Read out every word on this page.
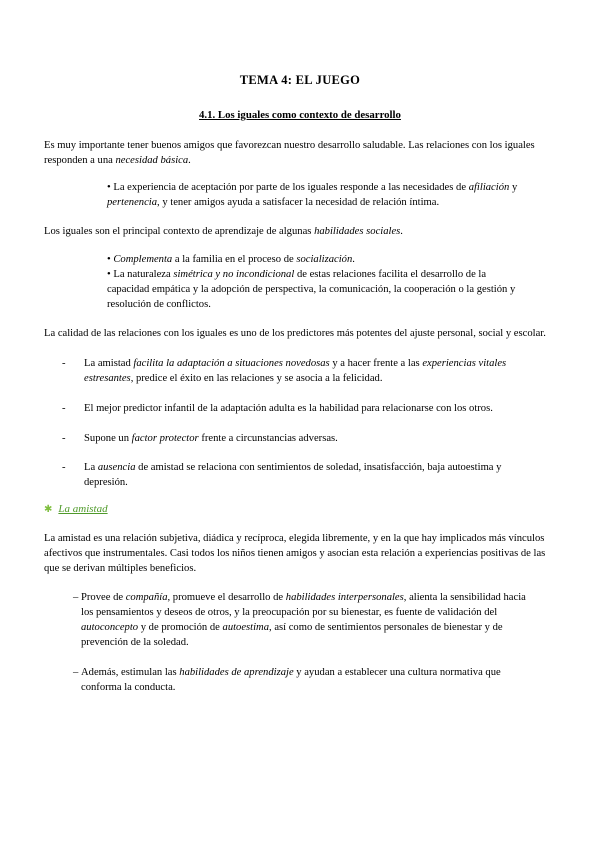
TEMA 4: EL JUEGO
4.1. Los iguales como contexto de desarrollo

Es muy importante tener buenos amigos que favorezcan nuestro desarrollo saludable. Las relaciones con los iguales responden a una necesidad básica.

• La experiencia de aceptación por parte de los iguales responde a las necesidades de afiliación y pertenencia, y tener amigos ayuda a satisfacer la necesidad de relación íntima.

Los iguales son el principal contexto de aprendizaje de algunas habilidades sociales.

• Complementa a la familia en el proceso de socialización.

• La naturaleza simétrica y no incondicional de estas relaciones facilita el desarrollo de la capacidad empática y la adopción de perspectiva, la comunicación, la cooperación o la gestión y resolución de conflictos.

La calidad de las relaciones con los iguales es uno de los predictores más potentes del ajuste personal, social y escolar.

-	La amistad facilita la adaptación a situaciones novedosas y a hacer frente a las experiencias vitales estresantes, predice el éxito en las relaciones y se asocia a la felicidad.
-	El mejor predictor infantil de la adaptación adulta es la habilidad para relacionarse con los otros.
-	Supone un factor protector frente a circunstancias adversas.
-	La ausencia de amistad se relaciona con sentimientos de soledad, insatisfacción, baja autoestima y depresión.
✱ La amistad

La amistad es una relación subjetiva, diádica y recíproca, elegida libremente, y en la que hay implicados más vínculos afectivos que instrumentales. Casi todos los niños tienen amigos y asocian esta relación a experiencias positivas de las que se derivan múltiples beneficios.

– Provee de compañía, promueve el desarrollo de habilidades interpersonales, alienta la sensibilidad hacia los pensamientos y deseos de otros, y la preocupación por su bienestar, es fuente de validación del autoconcepto y de promoción de autoestima, así como de sentimientos personales de bienestar y de prevención de la soledad.
– Además, estimulan las habilidades de aprendizaje y ayudan a establecer una cultura normativa que conforma la conducta.
